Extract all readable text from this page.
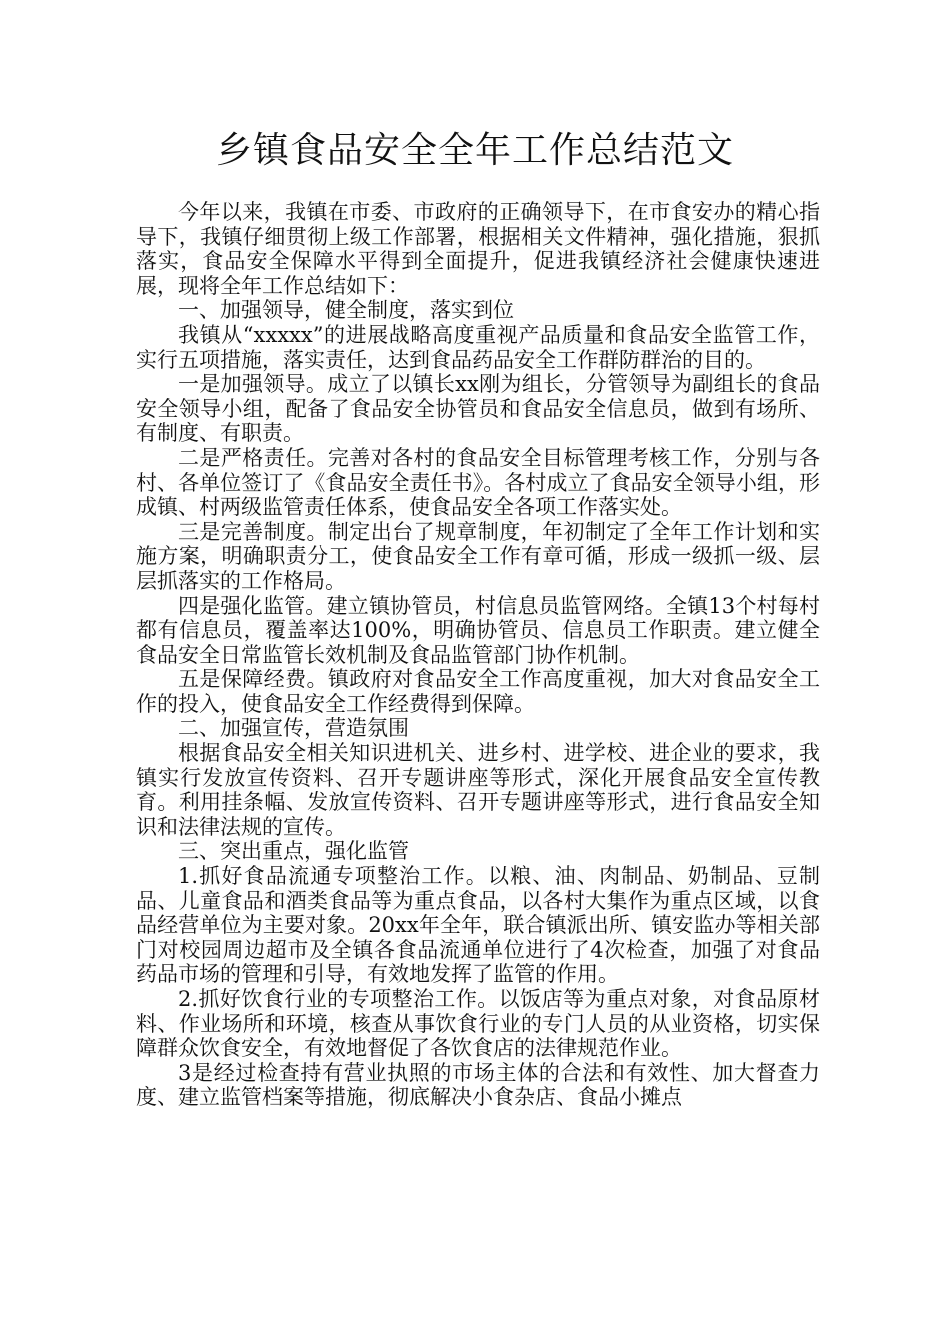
乡镇食品安全全年工作总结范文

今年以来，我镇在市委、市政府的正确领导下，在市食安办的精心指导下，我镇仔细贯彻上级工作部署，根据相关文件精神，强化措施，狠抓落实，食品安全保障水平得到全面提升，促进我镇经济社会健康快速进展，现将全年工作总结如下：

一、加强领导，健全制度，落实到位

我镇从“xxxxx”的进展战略高度重视产品质量和食品安全监管工作，实行五项措施，落实责任，达到食品药品安全工作群防群治的目的。

一是加强领导。成立了以镇长xx刚为组长，分管领导为副组长的食品安全领导小组，配备了食品安全协管员和食品安全信息员，做到有场所、有制度、有职责。

二是严格责任。完善对各村的食品安全目标管理考核工作，分别与各村、各单位签订了《食品安全责任书》。各村成立了食品安全领导小组，形成镇、村两级监管责任体系，使食品安全各项工作落实处。

三是完善制度。制定出台了规章制度，年初制定了全年工作计划和实施方案，明确职责分工，使食品安全工作有章可循，形成一级抓一级、层层抓落实的工作格局。

四是强化监管。建立镇协管员，村信息员监管网络。全镇13个村每村都有信息员，覆盖率达100%，明确协管员、信息员工作职责。建立健全食品安全日常监管长效机制及食品监管部门协作机制。

五是保障经费。镇政府对食品安全工作高度重视，加大对食品安全工作的投入，使食品安全工作经费得到保障。

二、加强宣传，营造氛围

根据食品安全相关知识进机关、进乡村、进学校、进企业的要求，我镇实行发放宣传资料、召开专题讲座等形式，深化开展食品安全宣传教育。利用挂条幅、发放宣传资料、召开专题讲座等形式，进行食品安全知识和法律法规的宣传。

三、突出重点，强化监管

1.抓好食品流通专项整治工作。以粮、油、肉制品、奶制品、豆制品、儿童食品和酒类食品等为重点食品，以各村大集作为重点区域，以食品经营单位为主要对象。20xx年全年，联合镇派出所、镇安监办等相关部门对校园周边超市及全镇各食品流通单位进行了4次检查，加强了对食品药品市场的管理和引导，有效地发挥了监管的作用。

2.抓好饮食行业的专项整治工作。以饭店等为重点对象，对食品原材料、作业场所和环境，核查从事饮食行业的专门人员的从业资格，切实保障群众饮食安全，有效地督促了各饮食店的法律规范作业。

3是经过检查持有营业执照的市场主体的合法和有效性、加大督查力度、建立监管档案等措施，彻底解决小食杂店、食品小摊点
